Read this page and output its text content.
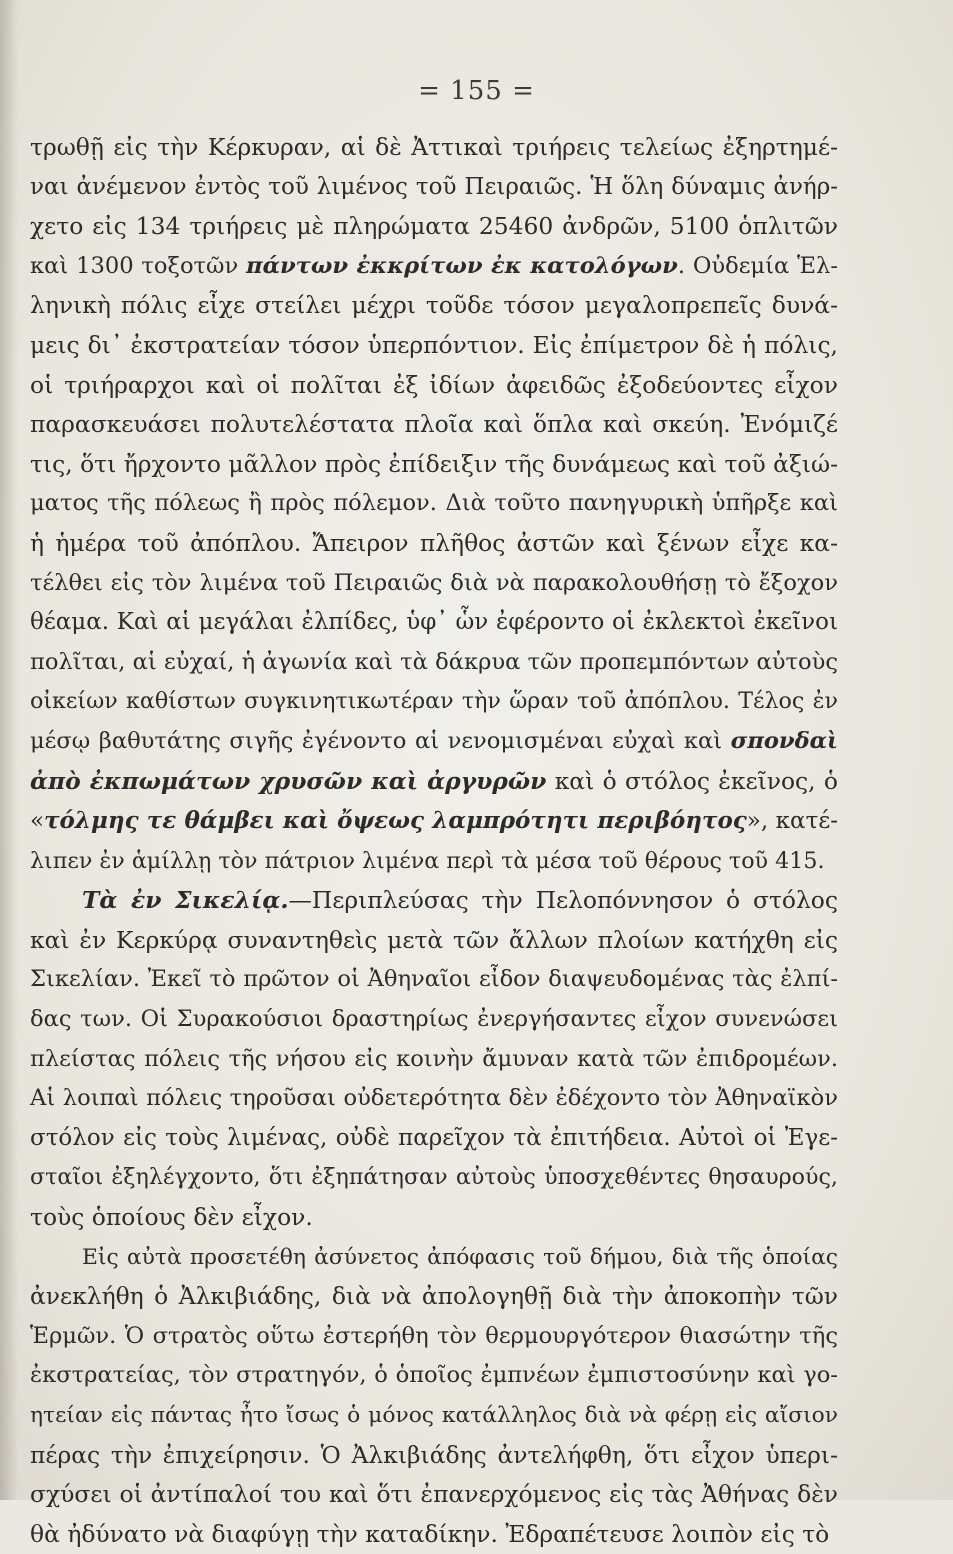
= 155 =
τρωθῇ εἰς τὴν Κέρκυραν, αἱ δὲ Ἀττικαὶ τριήρεις τελείως ἐξηρτημέ-
ναι ἀνέμενον ἐντὸς τοῦ λιμένος τοῦ Πειραιῶς. Ἡ ὅλη δύναμις ἀνήρ-
χετο εἰς 134 τριήρεις μὲ πληρώματα 25460 ἀνδρῶν, 5100 ὁπλιτῶν
καὶ 1300 τοξοτῶν πάντων ἐκκρίτων ἐκ κατολόγων. Οὐδεμία Ἑλ-
ληνικὴ πόλις εἶχε στείλει μέχρι τοῦδε τόσον μεγαλοπρεπεῖς δυνά-
μεις δι᾿ ἐκστρατείαν τόσον ὑπερπόντιον. Εἰς ἐπίμετρον δὲ ἡ πόλις,
οἱ τριήραρχοι καὶ οἱ πολῖται ἐξ ἰδίων ἀφειδῶς ἐξοδεύοντες εἶχον
παρασκευάσει πολυτελέστατα πλοῖα καὶ ὅπλα καὶ σκεύη. Ἐνόμιζέ
τις, ὅτι ἤρχοντο μᾶλλον πρὸς ἐπίδειξιν τῆς δυνάμεως καὶ τοῦ ἀξιώ-
ματος τῆς πόλεως ἢ πρὸς πόλεμον. Διὰ τοῦτο πανηγυρικὴ ὑπῆρξε καὶ
ἡ ἡμέρα τοῦ ἀπόπλου. Ἄπειρον πλῆθος ἀστῶν καὶ ξένων εἶχε κα-
τέλθει εἰς τὸν λιμένα τοῦ Πειραιῶς διὰ νὰ παρακολουθήσῃ τὸ ἔξοχον
θέαμα. Καὶ αἱ μεγάλαι ἐλπίδες, ὑφ᾿ ὧν ἐφέροντο οἱ ἐκλεκτοὶ ἐκεῖνοι
πολῖται, αἱ εὐχαί, ἡ ἀγωνία καὶ τὰ δάκρυα τῶν προπεμπόντων αὐτοὺς
οἰκείων καθίστων συγκινητικωτέραν τὴν ὥραν τοῦ ἀπόπλου. Τέλος ἐν
μέσῳ βαθυτάτης σιγῆς ἐγένοντο αἱ νενομισμέναι εὐχαὶ καὶ σπονδαὶ
ἀπὸ ἐκπωμάτων χρυσῶν καὶ ἀργυρῶν καὶ ὁ στόλος ἐκεῖνος, ὁ
«τόλμης τε θάμβει καὶ ὄψεως λαμπρότητι περιβόητος», κατέ-
λιπεν ἐν ἁμίλλῃ τὸν πάτριον λιμένα περὶ τὰ μέσα τοῦ θέρους τοῦ 415.
Τὰ ἐν Σικελίᾳ.—Περιπλεύσας τὴν Πελοπόννησον ὁ στόλος
καὶ ἐν Κερκύρᾳ συναντηθεὶς μετὰ τῶν ἄλλων πλοίων κατήχθη εἰς
Σικελίαν. Ἐκεῖ τὸ πρῶτον οἱ Ἀθηναῖοι εἶδον διαψευδομένας τὰς ἐλπί-
δας των. Οἱ Συρακούσιοι δραστηρίως ἐνεργήσαντες εἶχον συνενώσει
πλείστας πόλεις τῆς νήσου εἰς κοινὴν ἄμυναν κατὰ τῶν ἐπιδρομέων.
Αἱ λοιπαὶ πόλεις τηροῦσαι οὐδετερότητα δὲν ἐδέχοντο τὸν Ἀθηναϊκὸν
στόλον εἰς τοὺς λιμένας, οὐδὲ παρεῖχον τὰ ἐπιτήδεια. Αὐτοὶ οἱ Ἐγε-
σταῖοι ἐξηλέγχοντο, ὅτι ἐξηπάτησαν αὐτοὺς ὑποσχεθέντες θησαυρούς,
τοὺς ὁποίους δὲν εἶχον.
Εἰς αὐτὰ προσετέθη ἀσύνετος ἀπόφασις τοῦ δήμου, διὰ τῆς ὁποίας
ἀνεκλήθη ὁ Ἀλκιβιάδης, διὰ νὰ ἀπολογηθῇ διὰ τὴν ἀποκοπὴν τῶν
Ἑρμῶν. Ὁ στρατὸς οὕτω ἐστερήθη τὸν θερμουργότερον θιασώτην τῆς
ἐκστρατείας, τὸν στρατηγόν, ὁ ὁποῖος ἐμπνέων ἐμπιστοσύνην καὶ γο-
ητείαν εἰς πάντας ἦτο ἴσως ὁ μόνος κατάλληλος διὰ νὰ φέρῃ εἰς αἴσιον
πέρας τὴν ἐπιχείρησιν. Ὁ Ἀλκιβιάδης ἀντελήφθη, ὅτι εἶχον ὑπερι-
σχύσει οἱ ἀντίπαλοί του καὶ ὅτι ἐπανερχόμενος εἰς τὰς Ἀθήνας δὲν
θὰ ἠδύνατο νὰ διαφύγῃ τὴν καταδίκην. Ἐδραπέτευσε λοιπὸν εἰς τὸ
